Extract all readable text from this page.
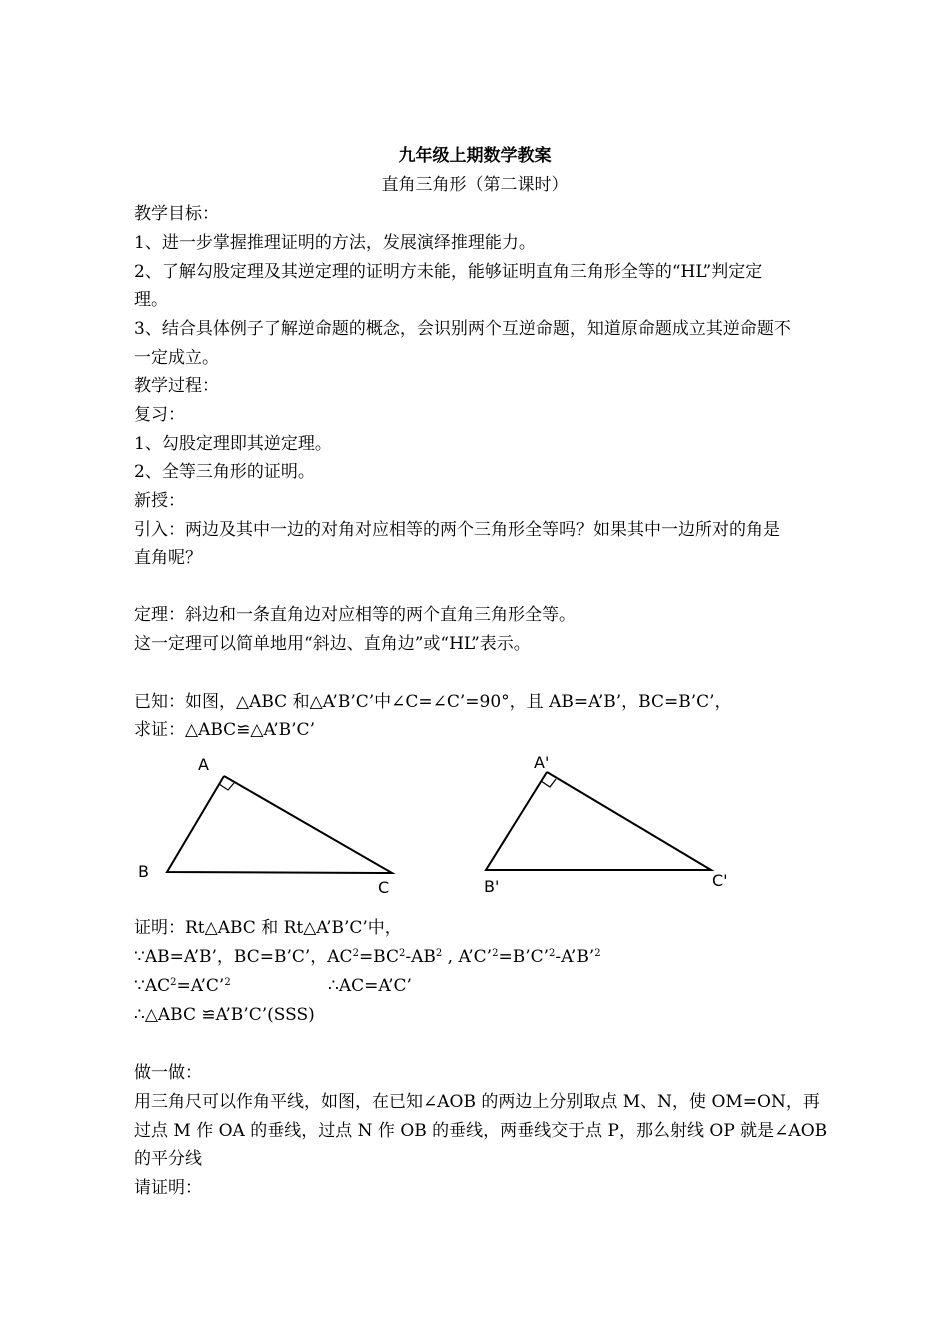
九年级上期数学教案
直角三角形（第二课时）
教学目标：
1、进一步掌握推理证明的方法，发展演绎推理能力。
2、了解勾股定理及其逆定理的证明方未能，能够证明直角三角形全等的“HL”判定定
理。
3、结合具体例子了解逆命题的概念，会识别两个互逆命题，知道原命题成立其逆命题不
一定成立。
教学过程：
复习：
1、勾股定理即其逆定理。
2、全等三角形的证明。
新授：
引入：两边及其中一边的对角对应相等的两个三角形全等吗？如果其中一边所对的角是
直角呢？
定理：斜边和一条直角边对应相等的两个直角三角形全等。
这一定理可以简单地用“斜边、直角边”或“HL”表示。
已知：如图，△ABC 和△A’B’C’中∠C=∠C’=90°，且 AB=A’B’，BC=B’C’，
求证：△ABC≌△A’B’C’
A
B
C
A'
B'	C'
证明：Rt△ABC 和 Rt△A’B’C’中，
∵AB=A’B’，BC=B’C’，$AC^2=BC^2-AB^2$ , A’C’$^2$=B’C’$^2$-A’B’$^2$
$\because AC^2=A’C’^2$	∴AC=A’C’
∴△ABC ≌A’B’C’(SSS)
做一做：
用三角尺可以作角平线，如图，在已知∠AOB 的两边上分别取点 M、N，使 OM=ON，再
过点 M 作 OA 的垂线，过点 N 作 OB 的垂线，两垂线交于点 P，那么射线 OP 就是∠AOB
的平分线
请证明：
